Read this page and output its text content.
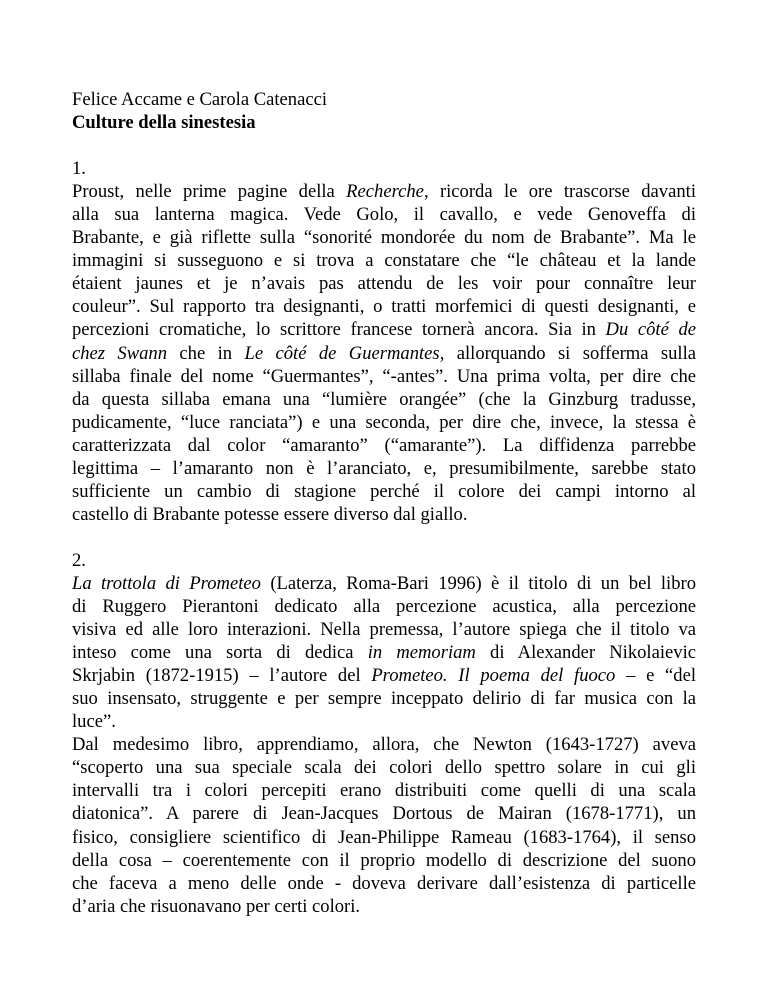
Felice Accame e Carola Catenacci
Culture della sinestesia
1.
Proust, nelle prime pagine della Recherche, ricorda le ore trascorse davanti
alla sua lanterna magica. Vede Golo, il cavallo, e vede Genoveffa di
Brabante, e già riflette sulla “sonorité mondorée du nom de Brabante”. Ma le
immagini si susseguono e si trova a constatare che “le château et la lande
étaient jaunes et je n’avais pas attendu de les voir pour connaître leur
couleur”. Sul rapporto tra designanti, o tratti morfemici di questi designanti, e
percezioni cromatiche, lo scrittore francese tornerà ancora. Sia in Du côté de
chez Swann che in Le côté de Guermantes, allorquando si sofferma sulla
sillaba finale del nome “Guermantes”, “-antes”. Una prima volta, per dire che
da questa sillaba emana una “lumière orangée” (che la Ginzburg tradusse,
pudicamente, “luce ranciata”) e una seconda, per dire che, invece, la stessa è
caratterizzata dal color “amaranto” (“amarante”). La diffidenza parrebbe
legittima – l’amaranto non è l’aranciato, e, presumibilmente, sarebbe stato
sufficiente un cambio di stagione perché il colore dei campi intorno al
castello di Brabante potesse essere diverso dal giallo.
2.
La trottola di Prometeo (Laterza, Roma-Bari 1996) è il titolo di un bel libro
di Ruggero Pierantoni dedicato alla percezione acustica, alla percezione
visiva ed alle loro interazioni. Nella premessa, l’autore spiega che il titolo va
inteso come una sorta di dedica in memoriam di Alexander Nikolaievic
Skrjabin (1872-1915) – l’autore del Prometeo. Il poema del fuoco – e “del
suo insensato, struggente e per sempre inceppato delirio di far musica con la
luce”.
Dal medesimo libro, apprendiamo, allora, che Newton (1643-1727) aveva
“scoperto una sua speciale scala dei colori dello spettro solare in cui gli
intervalli tra i colori percepiti erano distribuiti come quelli di una scala
diatonica”. A parere di Jean-Jacques Dortous de Mairan (1678-1771), un
fisico, consigliere scientifico di Jean-Philippe Rameau (1683-1764), il senso
della cosa – coerentemente con il proprio modello di descrizione del suono
che faceva a meno delle onde - doveva derivare dall’esistenza di particelle
d’aria che risuonavano per certi colori.
